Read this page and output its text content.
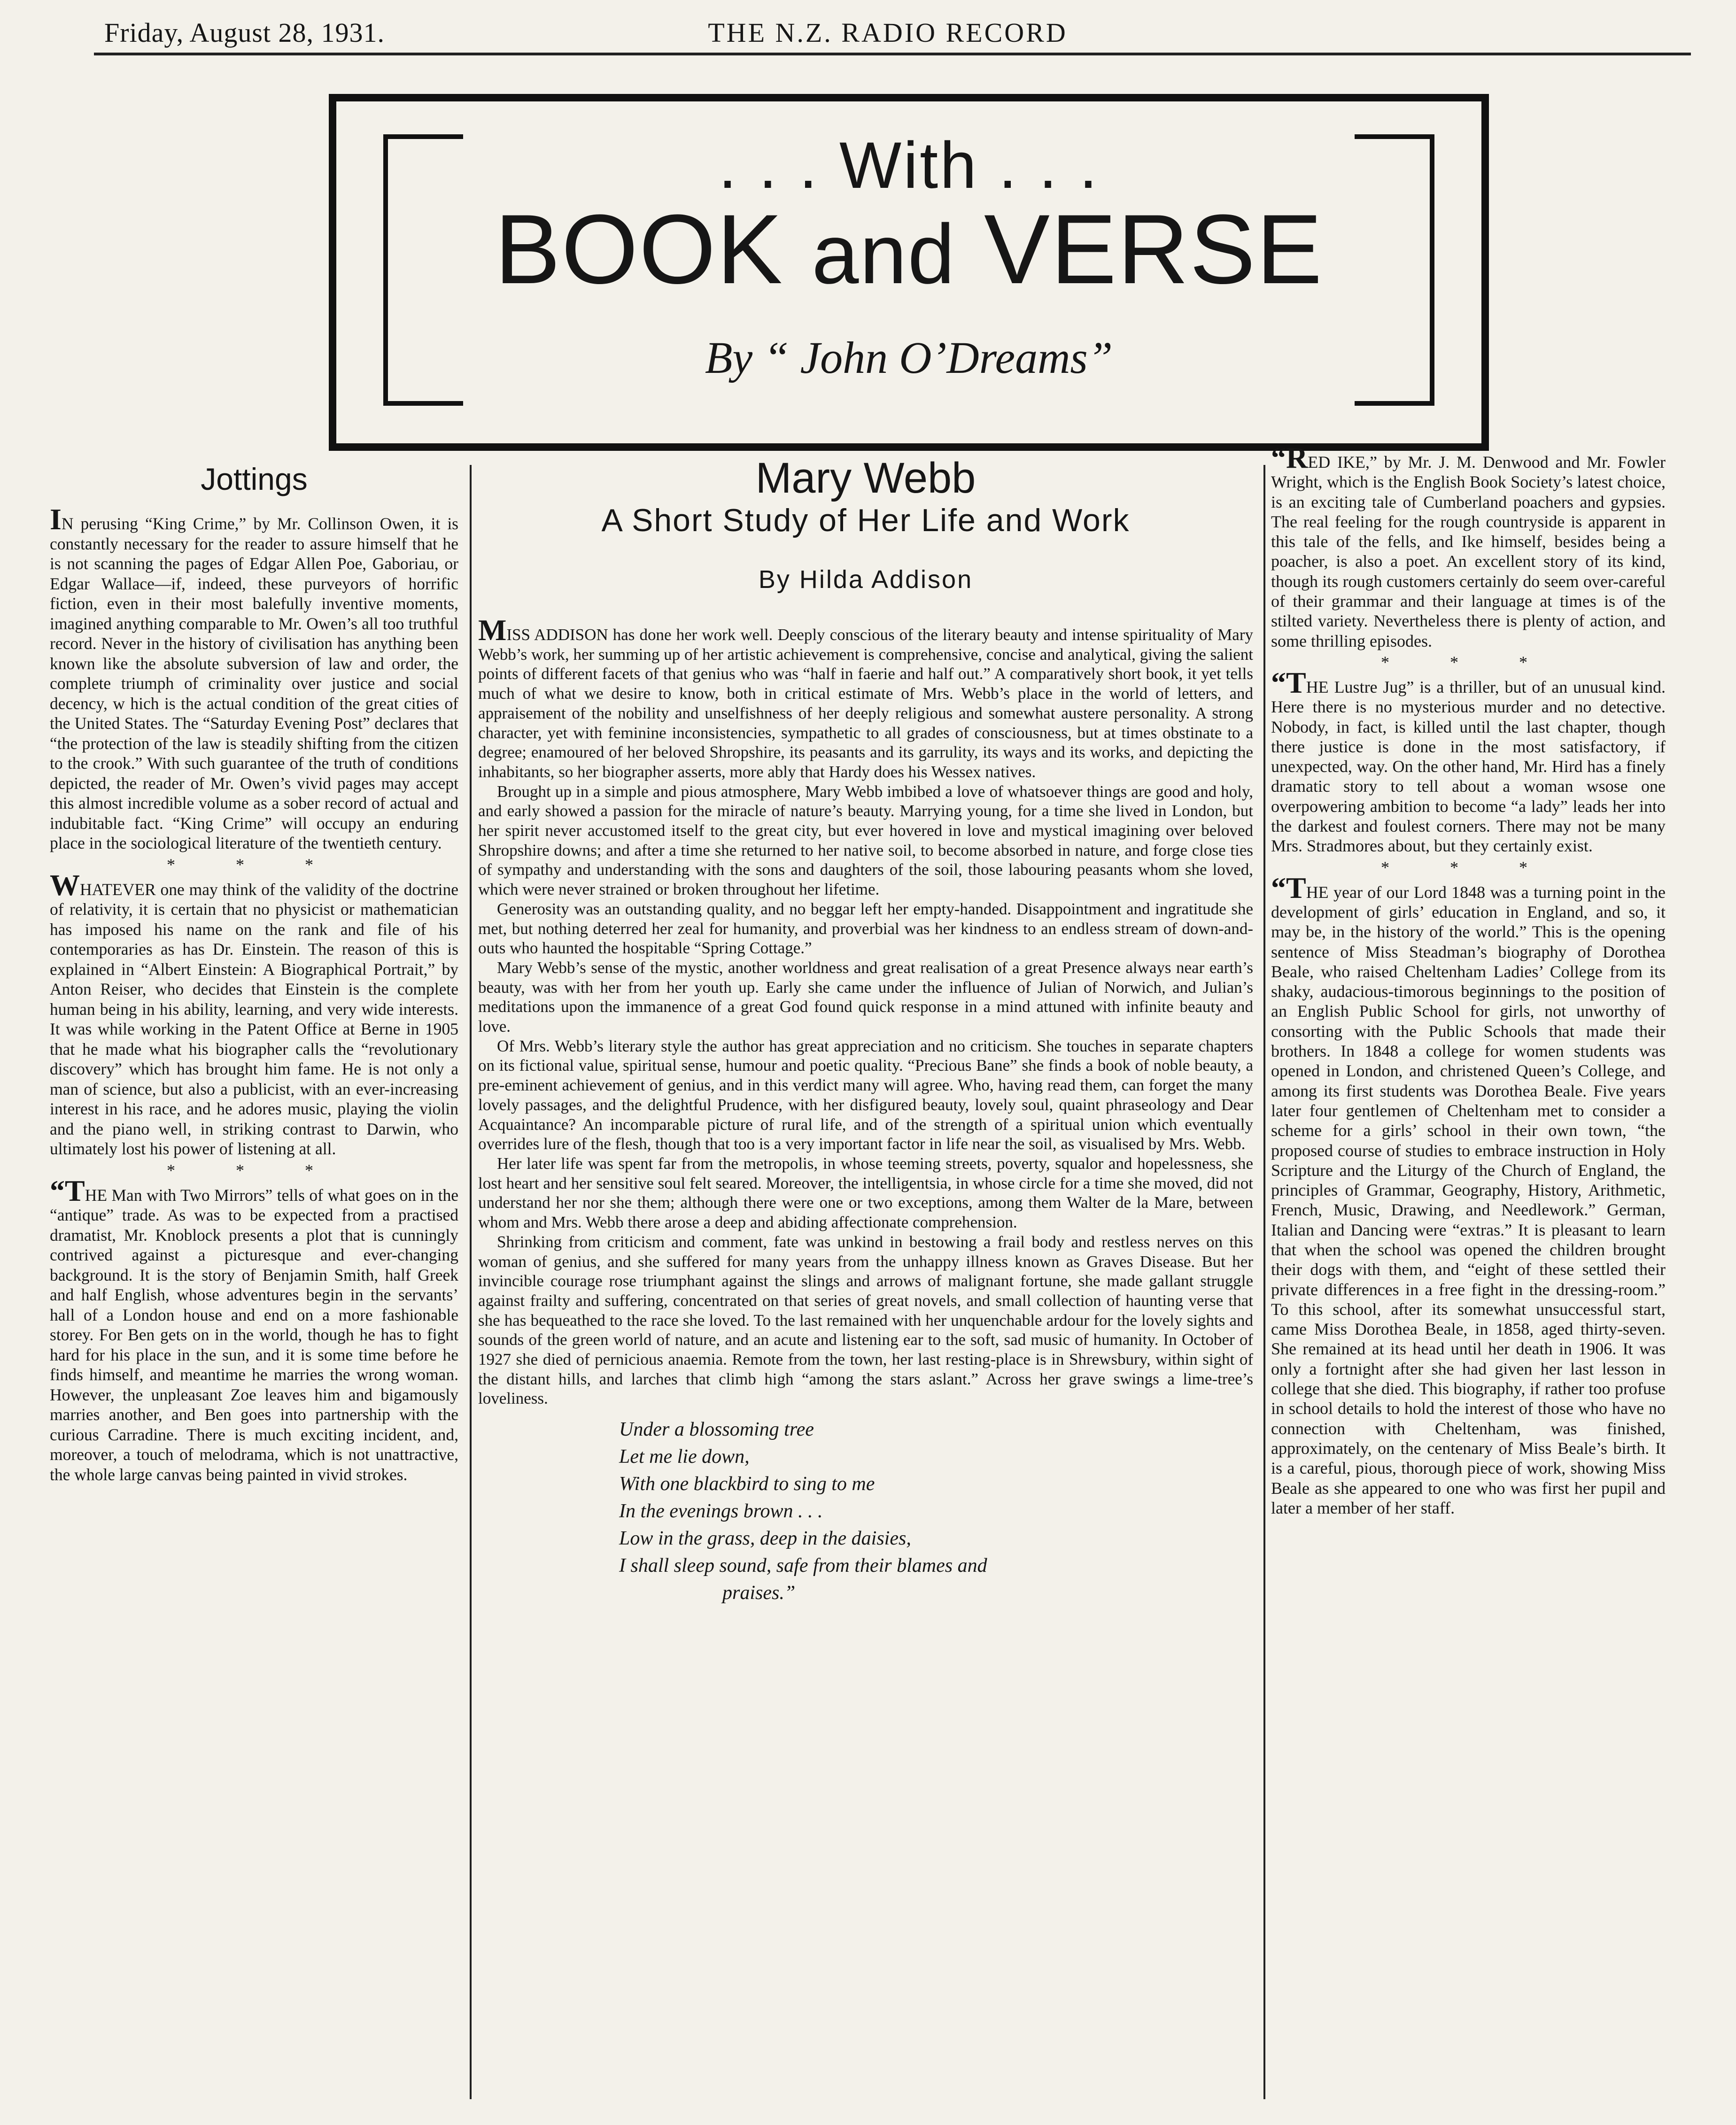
Friday, August 28, 1931.	THE N.Z. RADIO RECORD
. . . With . . .
BOOK and VERSE
By “ John O’Dreams”
Jottings

IN perusing “King Crime,” by Mr. Collinson Owen, it is constantly necessary for the reader to assure himself that he is not scanning the pages of Edgar Allen Poe, Gaboriau, or Edgar Wallace—if, indeed, these purveyors of horrific fiction, even in their most balefully inventive moments, imagined anything comparable to Mr. Owen’s all too truthful record. Never in the history of civilisation has anything been known like the absolute subversion of law and order, the complete triumph of criminality over justice and social decency, w hich is the actual condition of the great cities of the United States. The “Saturday Evening Post” declares that “the protection of the law is steadily shifting from the citizen to the crook.” With such guarantee of the truth of conditions depicted, the reader of Mr. Owen’s vivid pages may accept this almost incredible volume as a sober record of actual and indubitable fact. “King Crime” will occupy an enduring place in the sociological literature of the twentieth century.

* * *

WHATEVER one may think of the validity of the doctrine of relativity, it is certain that no physicist or mathematician has imposed his name on the rank and file of his contemporaries as has Dr. Einstein. The reason of this is explained in “Albert Einstein: A Biographical Portrait,” by Anton Reiser, who decides that Einstein is the complete human being in his ability, learning, and very wide interests. It was while working in the Patent Office at Berne in 1905 that he made what his biographer calls the “revolutionary discovery” which has brought him fame. He is not only a man of science, but also a publicist, with an ever-increasing interest in his race, and he adores music, playing the violin and the piano well, in striking contrast to Darwin, who ultimately lost his power of listening at all.

* * *

“THE Man with Two Mirrors” tells of what goes on in the “antique” trade. As was to be expected from a practised dramatist, Mr. Knoblock presents a plot that is cunningly contrived against a picturesque and ever-changing background. It is the story of Benjamin Smith, half Greek and half English, whose adventures begin in the servants’ hall of a London house and end on a more fashionable storey. For Ben gets on in the world, though he has to fight hard for his place in the sun, and it is some time before he finds himself, and meantime he marries the wrong woman. However, the unpleasant Zoe leaves him and bigamously marries another, and Ben goes into partnership with the curious Carradine. There is much exciting incident, and, moreover, a touch of melodrama, which is not unattractive, the whole large canvas being painted in vivid strokes.

Mary Webb
A Short Study of Her Life and Work
By Hilda Addison

MISS ADDISON has done her work well. Deeply conscious of the literary beauty and intense spirituality of Mary Webb’s work, her summing up of her artistic achievement is comprehensive, concise and analytical, giving the salient points of different facets of that genius who was “half in faerie and half out.” A comparatively short book, it yet tells much of what we desire to know, both in critical estimate of Mrs. Webb’s place in the world of letters, and appraisement of the nobility and unselfishness of her deeply religious and somewhat austere personality. A strong character, yet with feminine inconsistencies, sympathetic to all grades of consciousness, but at times obstinate to a degree; enamoured of her beloved Shropshire, its peasants and its garrulity, its ways and its works, and depicting the inhabitants, so her biographer asserts, more ably that Hardy does his Wessex natives.

Brought up in a simple and pious atmosphere, Mary Webb imbibed a love of whatsoever things are good and holy, and early showed a passion for the miracle of nature’s beauty. Marrying young, for a time she lived in London, but her spirit never accustomed itself to the great city, but ever hovered in love and mystical imagining over beloved Shropshire downs; and after a time she returned to her native soil, to become absorbed in nature, and forge close ties of sympathy and understanding with the sons and daughters of the soil, those labouring peasants whom she loved, which were never strained or broken throughout her lifetime.

Generosity was an outstanding quality, and no beggar left her empty-handed. Disappointment and ingratitude she met, but nothing deterred her zeal for humanity, and proverbial was her kindness to an endless stream of down-and-outs who haunted the hospitable “Spring Cottage.”

Mary Webb’s sense of the mystic, another worldness and great realisation of a great Presence always near earth’s beauty, was with her from her youth up. Early she came under the influence of Julian of Norwich, and Julian’s meditations upon the immanence of a great God found quick response in a mind attuned with infinite beauty and love.

Of Mrs. Webb’s literary style the author has great appreciation and no criticism. She touches in separate chapters on its fictional value, spiritual sense, humour and poetic quality. “Precious Bane” she finds a book of noble beauty, a pre-eminent achievement of genius, and in this verdict many will agree. Who, having read them, can forget the many lovely passages, and the delightful Prudence, with her disfigured beauty, lovely soul, quaint phraseology and Dear Acquaintance? An incomparable picture of rural life, and of the strength of a spiritual union which eventually overrides lure of the flesh, though that too is a very important factor in life near the soil, as visualised by Mrs. Webb.

Her later life was spent far from the metropolis, in whose teeming streets, poverty, squalor and hopelessness, she lost heart and her sensitive soul felt seared. Moreover, the intelligentsia, in whose circle for a time she moved, did not understand her nor she them; although there were one or two exceptions, among them Walter de la Mare, between whom and Mrs. Webb there arose a deep and abiding affectionate comprehension.

Shrinking from criticism and comment, fate was unkind in bestowing a frail body and restless nerves on this woman of genius, and she suffered for many years from the unhappy illness known as Graves Disease. But her invincible courage rose triumphant against the slings and arrows of malignant fortune, she made gallant struggle against frailty and suffering, concentrated on that series of great novels, and small collection of haunting verse that she has bequeathed to the race she loved. To the last remained with her unquenchable ardour for the lovely sights and sounds of the green world of nature, and an acute and listening ear to the soft, sad music of humanity. In October of 1927 she died of pernicious anaemia. Remote from the town, her last resting-place is in Shrewsbury, within sight of the distant hills, and larches that climb high “among the stars aslant.” Across her grave swings a lime-tree’s loveliness.

Under a blossoming tree
Let me lie down,
With one blackbird to sing to me
In the evenings brown . . .
Low in the grass, deep in the daisies,
I shall sleep sound, safe from their blames and
praises.”

“RED IKE,” by Mr. J. M. Denwood and Mr. Fowler Wright, which is the English Book Society’s latest choice, is an exciting tale of Cumberland poachers and gypsies. The real feeling for the rough countryside is apparent in this tale of the fells, and Ike himself, besides being a poacher, is also a poet. An excellent story of its kind, though its rough customers certainly do seem over-careful of their grammar and their language at times is of the stilted variety. Nevertheless there is plenty of action, and some thrilling episodes.

* * *

“THE Lustre Jug” is a thriller, but of an unusual kind. Here there is no mysterious murder and no detective. Nobody, in fact, is killed until the last chapter, though there justice is done in the most satisfactory, if unexpected, way. On the other hand, Mr. Hird has a finely dramatic story to tell about a woman wsose one overpowering ambition to become “a lady” leads her into the darkest and foulest corners. There may not be many Mrs. Stradmores about, but they certainly exist.

* * *

“THE year of our Lord 1848 was a turning point in the development of girls’ education in England, and so, it may be, in the history of the world.” This is the opening sentence of Miss Steadman’s biography of Dorothea Beale, who raised Cheltenham Ladies’ College from its shaky, audacious-timorous beginnings to the position of an English Public School for girls, not unworthy of consorting with the Public Schools that made their brothers. In 1848 a college for women students was opened in London, and christened Queen’s College, and among its first students was Dorothea Beale. Five years later four gentlemen of Cheltenham met to consider a scheme for a girls’ school in their own town, “the proposed course of studies to embrace instruction in Holy Scripture and the Liturgy of the Church of England, the principles of Grammar, Geography, History, Arithmetic, French, Music, Drawing, and Needlework.” German, Italian and Dancing were “extras.” It is pleasant to learn that when the school was opened the children brought their dogs with them, and “eight of these settled their private differences in a free fight in the dressing-room.” To this school, after its somewhat unsuccessful start, came Miss Dorothea Beale, in 1858, aged thirty-seven. She remained at its head until her death in 1906. It was only a fortnight after she had given her last lesson in college that she died. This biography, if rather too profuse in school details to hold the interest of those who have no connection with Cheltenham, was finished, approximately, on the centenary of Miss Beale’s birth. It is a careful, pious, thorough piece of work, showing Miss Beale as she appeared to one who was first her pupil and later a member of her staff.
